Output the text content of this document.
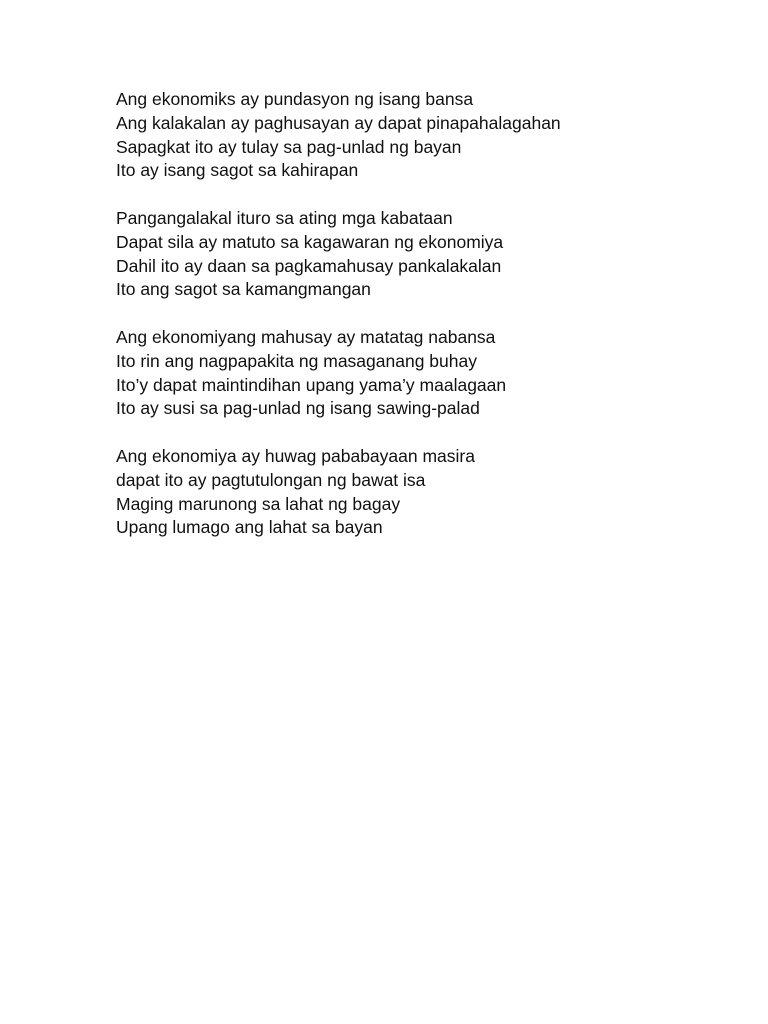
Ang ekonomiks ay pundasyon ng isang bansa
Ang kalakalan ay paghusayan ay dapat pinapahalagahan
Sapagkat ito ay tulay sa pag-unlad ng bayan
Ito ay isang sagot sa kahirapan
Pangangalakal ituro sa ating mga kabataan
Dapat sila ay matuto sa kagawaran ng ekonomiya
Dahil ito ay daan sa pagkamahusay pankalakalan
Ito ang sagot sa kamangmangan
Ang ekonomiyang mahusay ay matatag nabansa
Ito rin ang nagpapakita ng masaganang buhay
Ito’y dapat maintindihan upang yama’y maalagaan
Ito ay susi sa pag-unlad ng isang sawing-palad
Ang ekonomiya ay huwag pababayaan masira
dapat ito ay pagtutulongan ng bawat isa
Maging marunong sa lahat ng bagay
Upang lumago ang lahat sa bayan
